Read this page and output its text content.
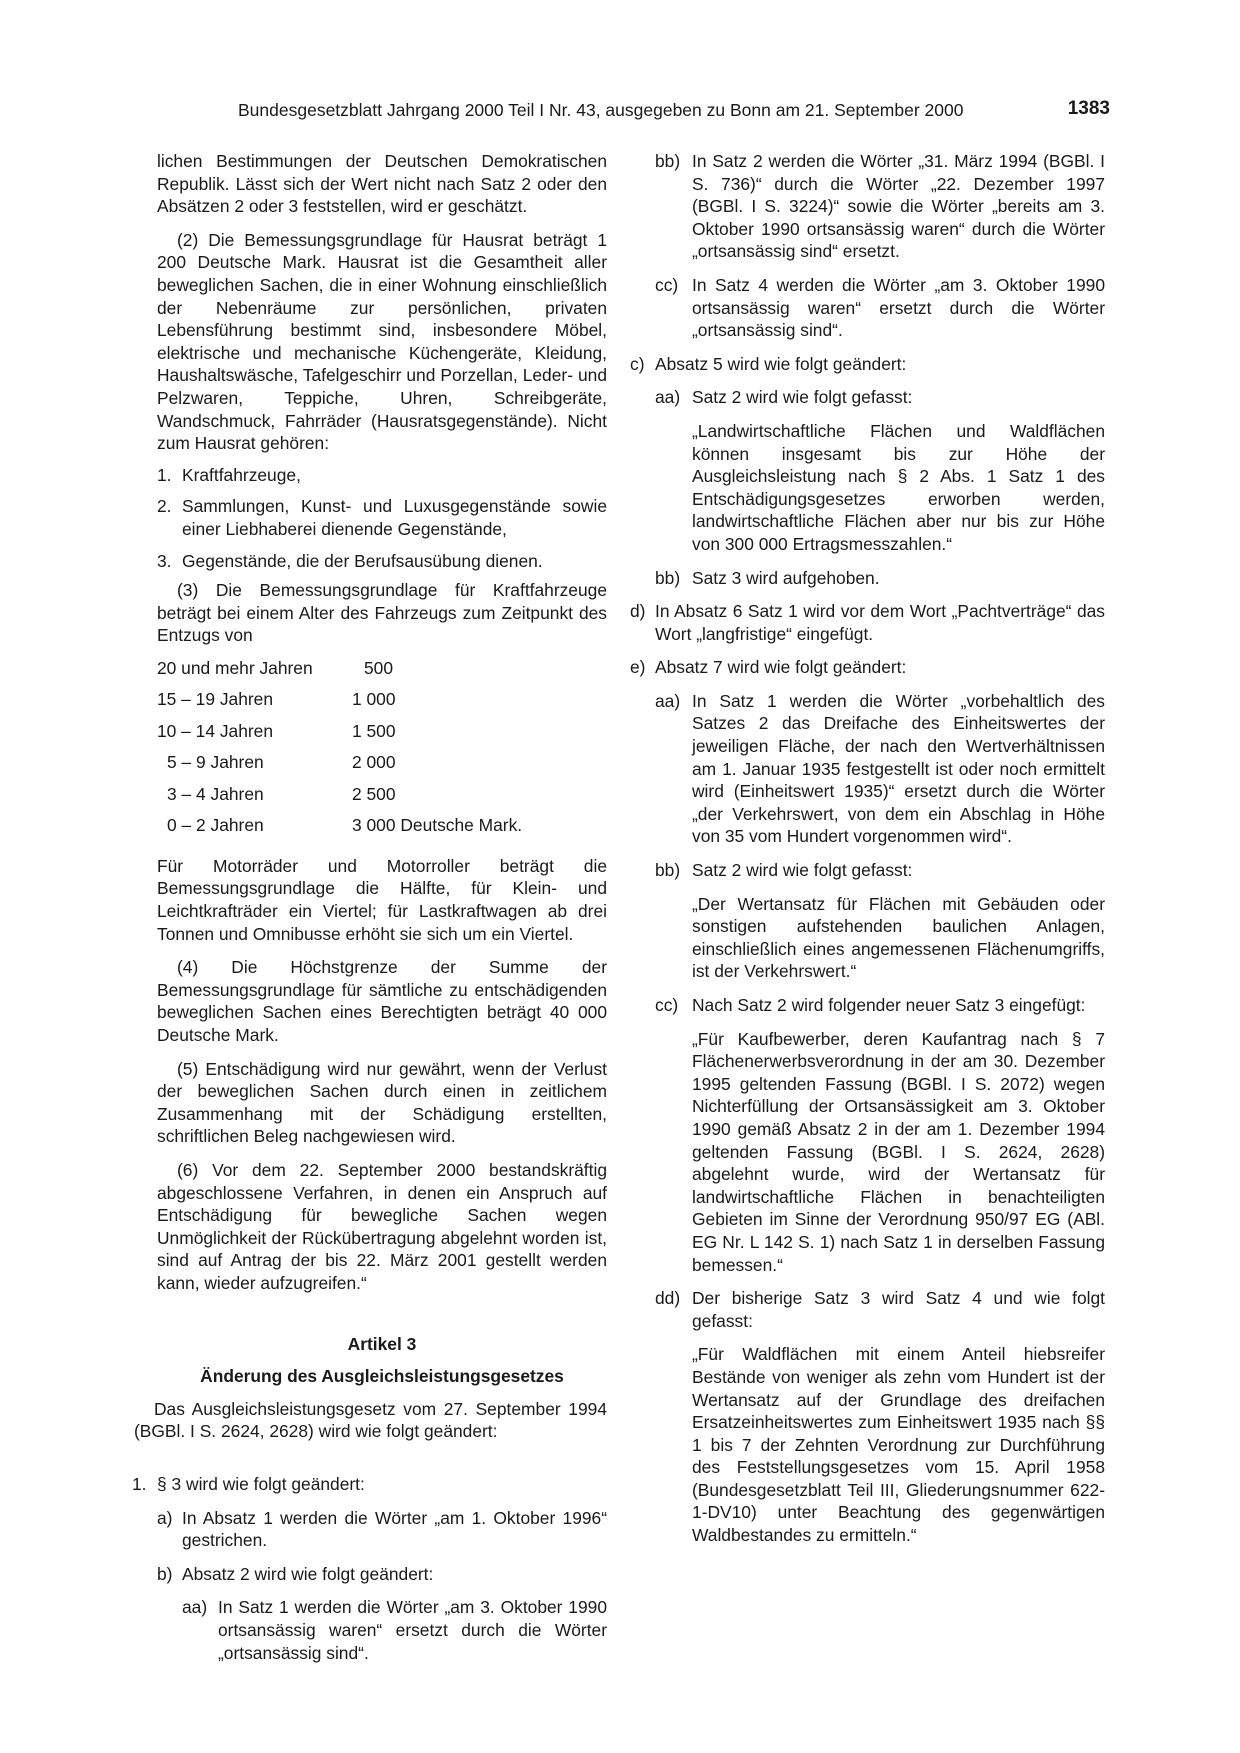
Bundesgesetzblatt Jahrgang 2000 Teil I Nr. 43, ausgegeben zu Bonn am 21. September 2000	1383

lichen Bestimmungen der Deutschen Demokratischen Republik. Lässt sich der Wert nicht nach Satz 2 oder den Absätzen 2 oder 3 feststellen, wird er geschätzt.

(2) Die Bemessungsgrundlage für Hausrat beträgt 1 200 Deutsche Mark. Hausrat ist die Gesamtheit aller beweglichen Sachen, die in einer Wohnung einschließlich der Nebenräume zur persönlichen, privaten Lebensführung bestimmt sind, insbesondere Möbel, elektrische und mechanische Küchengeräte, Kleidung, Haushaltswäsche, Tafelgeschirr und Porzellan, Leder- und Pelzwaren, Teppiche, Uhren, Schreibgeräte, Wandschmuck, Fahrräder (Hausratsgegenstände). Nicht zum Hausrat gehören:

1. Kraftfahrzeuge,
2. Sammlungen, Kunst- und Luxusgegenstände sowie einer Liebhaberei dienende Gegenstände,
3. Gegenstände, die der Berufsausübung dienen.

(3) Die Bemessungsgrundlage für Kraftfahrzeuge beträgt bei einem Alter des Fahrzeugs zum Zeitpunkt des Entzugs von

20 und mehr Jahren	500
15 – 19 Jahren	1 000
10 – 14 Jahren	1 500
5 – 9 Jahren	2 000
3 – 4 Jahren	2 500
0 – 2 Jahren	3 000 Deutsche Mark.

Für Motorräder und Motorroller beträgt die Bemessungsgrundlage die Hälfte, für Klein- und Leichtkrafträder ein Viertel; für Lastkraftwagen ab drei Tonnen und Omnibusse erhöht sie sich um ein Viertel.

(4) Die Höchstgrenze der Summe der Bemessungsgrundlage für sämtliche zu entschädigenden beweglichen Sachen eines Berechtigten beträgt 40 000 Deutsche Mark.

(5) Entschädigung wird nur gewährt, wenn der Verlust der beweglichen Sachen durch einen in zeitlichem Zusammenhang mit der Schädigung erstellten, schriftlichen Beleg nachgewiesen wird.

(6) Vor dem 22. September 2000 bestandskräftig abgeschlossene Verfahren, in denen ein Anspruch auf Entschädigung für bewegliche Sachen wegen Unmöglichkeit der Rückübertragung abgelehnt worden ist, sind auf Antrag der bis 22. März 2001 gestellt werden kann, wieder aufzugreifen.“

Artikel 3
Änderung des Ausgleichsleistungsgesetzes

Das Ausgleichsleistungsgesetz vom 27. September 1994 (BGBl. I S. 2624, 2628) wird wie folgt geändert:

1. § 3 wird wie folgt geändert:
a) In Absatz 1 werden die Wörter „am 1. Oktober 1996“ gestrichen.
b) Absatz 2 wird wie folgt geändert:
aa) In Satz 1 werden die Wörter „am 3. Oktober 1990 ortsansässig waren“ ersetzt durch die Wörter „ortsansässig sind“.
bb) In Satz 2 werden die Wörter „31. März 1994 (BGBl. I S. 736)“ durch die Wörter „22. Dezember 1997 (BGBl. I S. 3224)“ sowie die Wörter „bereits am 3. Oktober 1990 ortsansässig waren“ durch die Wörter „ortsansässig sind“ ersetzt.
cc) In Satz 4 werden die Wörter „am 3. Oktober 1990 ortsansässig waren“ ersetzt durch die Wörter „ortsansässig sind“.
c) Absatz 5 wird wie folgt geändert:
aa) Satz 2 wird wie folgt gefasst:

„Landwirtschaftliche Flächen und Waldflächen können insgesamt bis zur Höhe der Ausgleichsleistung nach § 2 Abs. 1 Satz 1 des Entschädigungsgesetzes erworben werden, landwirtschaftliche Flächen aber nur bis zur Höhe von 300 000 Ertragsmesszahlen.“

bb) Satz 3 wird aufgehoben.
d) In Absatz 6 Satz 1 wird vor dem Wort „Pachtverträge“ das Wort „langfristige“ eingefügt.
e) Absatz 7 wird wie folgt geändert:
aa) In Satz 1 werden die Wörter „vorbehaltlich des Satzes 2 das Dreifache des Einheitswertes der jeweiligen Fläche, der nach den Wertverhältnissen am 1. Januar 1935 festgestellt ist oder noch ermittelt wird (Einheitswert 1935)“ ersetzt durch die Wörter „der Verkehrswert, von dem ein Abschlag in Höhe von 35 vom Hundert vorgenommen wird“.
bb) Satz 2 wird wie folgt gefasst:

„Der Wertansatz für Flächen mit Gebäuden oder sonstigen aufstehenden baulichen Anlagen, einschließlich eines angemessenen Flächenumgriffs, ist der Verkehrswert.“

cc) Nach Satz 2 wird folgender neuer Satz 3 eingefügt:

„Für Kaufbewerber, deren Kaufantrag nach § 7 Flächenerwerbsverordnung in der am 30. Dezember 1995 geltenden Fassung (BGBl. I S. 2072) wegen Nichterfüllung der Ortsansässigkeit am 3. Oktober 1990 gemäß Absatz 2 in der am 1. Dezember 1994 geltenden Fassung (BGBl. I S. 2624, 2628) abgelehnt wurde, wird der Wertansatz für landwirtschaftliche Flächen in benachteiligten Gebieten im Sinne der Verordnung 950/97 EG (ABl. EG Nr. L 142 S. 1) nach Satz 1 in derselben Fassung bemessen.“

dd) Der bisherige Satz 3 wird Satz 4 und wie folgt gefasst:

„Für Waldflächen mit einem Anteil hiebsreifer Bestände von weniger als zehn vom Hundert ist der Wertansatz auf der Grundlage des dreifachen Ersatzeinheitswertes zum Einheitswert 1935 nach §§ 1 bis 7 der Zehnten Verordnung zur Durchführung des Feststellungsgesetzes vom 15. April 1958 (Bundesgesetzblatt Teil III, Gliederungsnummer 622-1-DV10) unter Beachtung des gegenwärtigen Waldbestandes zu ermitteln.“
